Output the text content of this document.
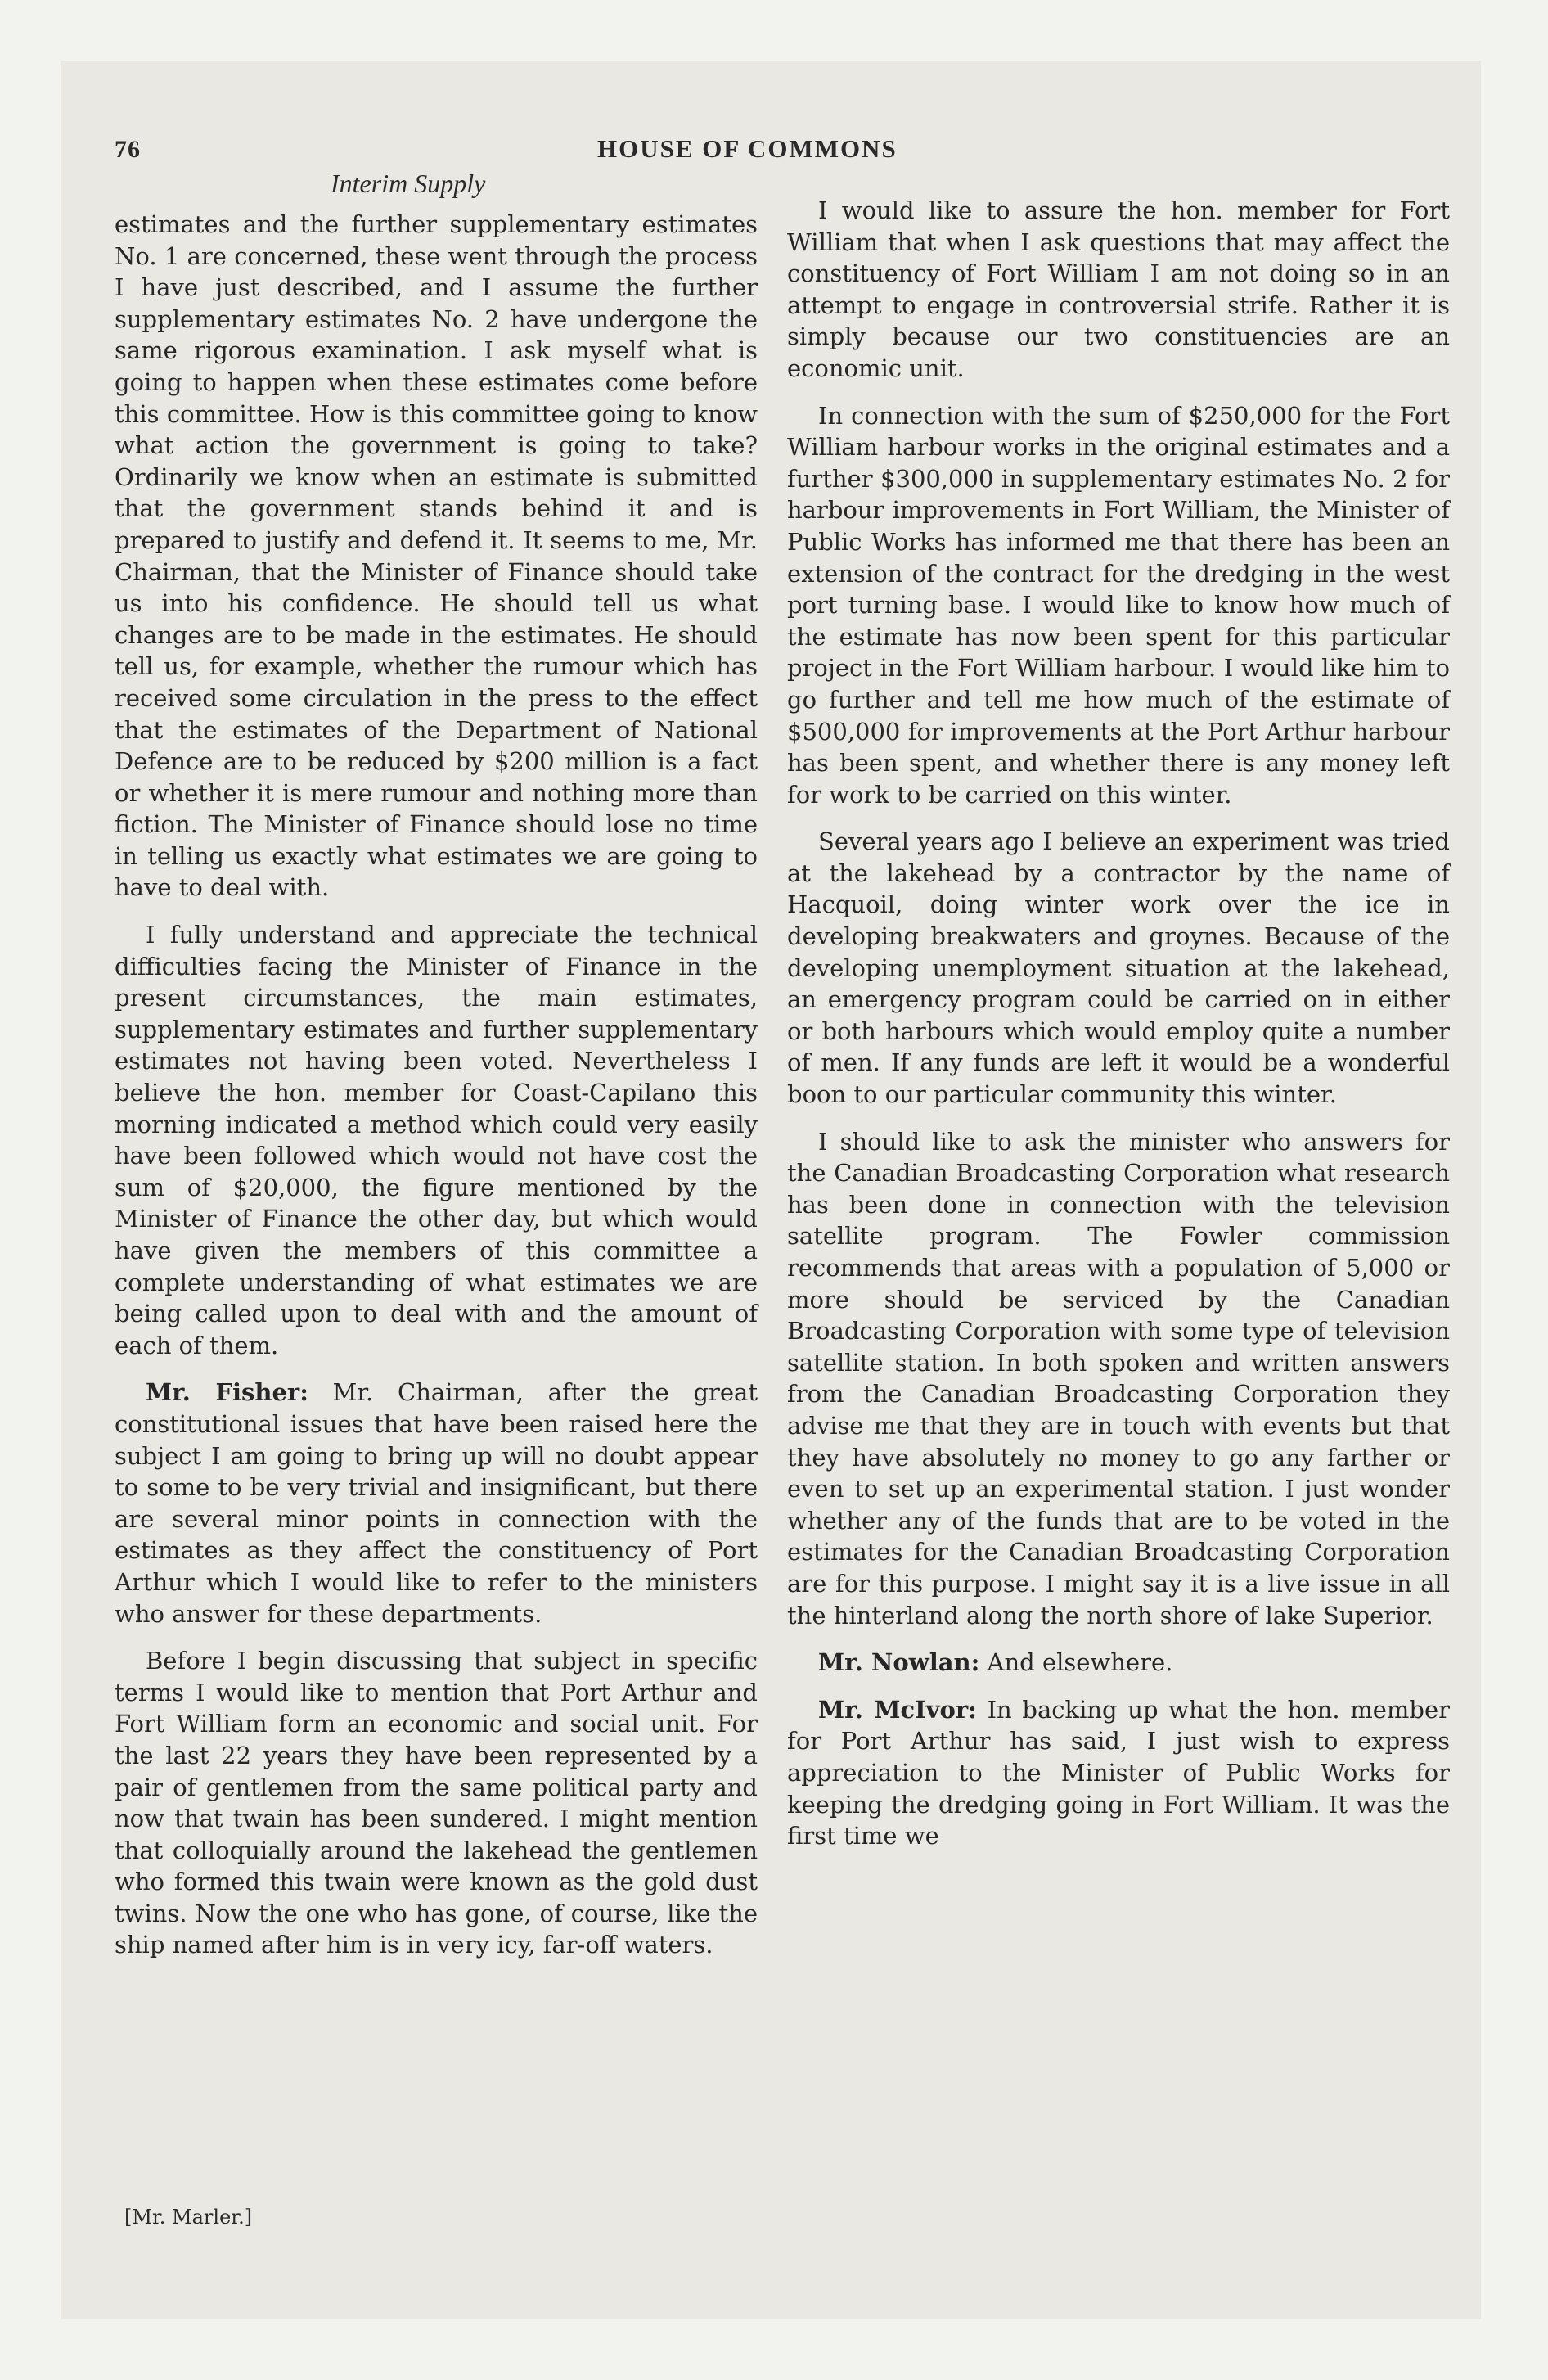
76	HOUSE OF COMMONS
Interim Supply

estimates and the further supplementary estimates No. 1 are concerned, these went through the process I have just described, and I assume the further supplementary estimates No. 2 have undergone the same rigorous examination. I ask myself what is going to happen when these estimates come before this committee. How is this committee going to know what action the government is going to take? Ordinarily we know when an estimate is submitted that the government stands behind it and is prepared to justify and defend it. It seems to me, Mr. Chairman, that the Minister of Finance should take us into his confidence. He should tell us what changes are to be made in the estimates. He should tell us, for example, whether the rumour which has received some circulation in the press to the effect that the estimates of the Department of National Defence are to be reduced by $200 million is a fact or whether it is mere rumour and nothing more than fiction. The Minister of Finance should lose no time in telling us exactly what estimates we are going to have to deal with.

I fully understand and appreciate the technical difficulties facing the Minister of Finance in the present circumstances, the main estimates, supplementary estimates and further supplementary estimates not having been voted. Nevertheless I believe the hon. member for Coast-Capilano this morning indicated a method which could very easily have been followed which would not have cost the sum of $20,000, the figure mentioned by the Minister of Finance the other day, but which would have given the members of this committee a complete understanding of what estimates we are being called upon to deal with and the amount of each of them.

Mr. Fisher: Mr. Chairman, after the great constitutional issues that have been raised here the subject I am going to bring up will no doubt appear to some to be very trivial and insignificant, but there are several minor points in connection with the estimates as they affect the constituency of Port Arthur which I would like to refer to the ministers who answer for these departments.

Before I begin discussing that subject in specific terms I would like to mention that Port Arthur and Fort William form an economic and social unit. For the last 22 years they have been represented by a pair of gentlemen from the same political party and now that twain has been sundered. I might mention that colloquially around the lakehead the gentlemen who formed this twain were known as the gold dust twins. Now the one who has gone, of course, like the ship named after him is in very icy, far-off waters.

I would like to assure the hon. member for Fort William that when I ask questions that may affect the constituency of Fort William I am not doing so in an attempt to engage in controversial strife. Rather it is simply because our two constituencies are an economic unit.

In connection with the sum of $250,000 for the Fort William harbour works in the original estimates and a further $300,000 in supplementary estimates No. 2 for harbour improvements in Fort William, the Minister of Public Works has informed me that there has been an extension of the contract for the dredging in the west port turning base. I would like to know how much of the estimate has now been spent for this particular project in the Fort William harbour. I would like him to go further and tell me how much of the estimate of $500,000 for improvements at the Port Arthur harbour has been spent, and whether there is any money left for work to be carried on this winter.

Several years ago I believe an experiment was tried at the lakehead by a contractor by the name of Hacquoil, doing winter work over the ice in developing breakwaters and groynes. Because of the developing unemployment situation at the lakehead, an emergency program could be carried on in either or both harbours which would employ quite a number of men. If any funds are left it would be a wonderful boon to our particular community this winter.

I should like to ask the minister who answers for the Canadian Broadcasting Corporation what research has been done in connection with the television satellite program. The Fowler commission recommends that areas with a population of 5,000 or more should be serviced by the Canadian Broadcasting Corporation with some type of television satellite station. In both spoken and written answers from the Canadian Broadcasting Corporation they advise me that they are in touch with events but that they have absolutely no money to go any farther or even to set up an experimental station. I just wonder whether any of the funds that are to be voted in the estimates for the Canadian Broadcasting Corporation are for this purpose. I might say it is a live issue in all the hinterland along the north shore of lake Superior.

Mr. Nowlan: And elsewhere.

Mr. McIvor: In backing up what the hon. member for Port Arthur has said, I just wish to express appreciation to the Minister of Public Works for keeping the dredging going in Fort William. It was the first time we

[Mr. Marler.]
